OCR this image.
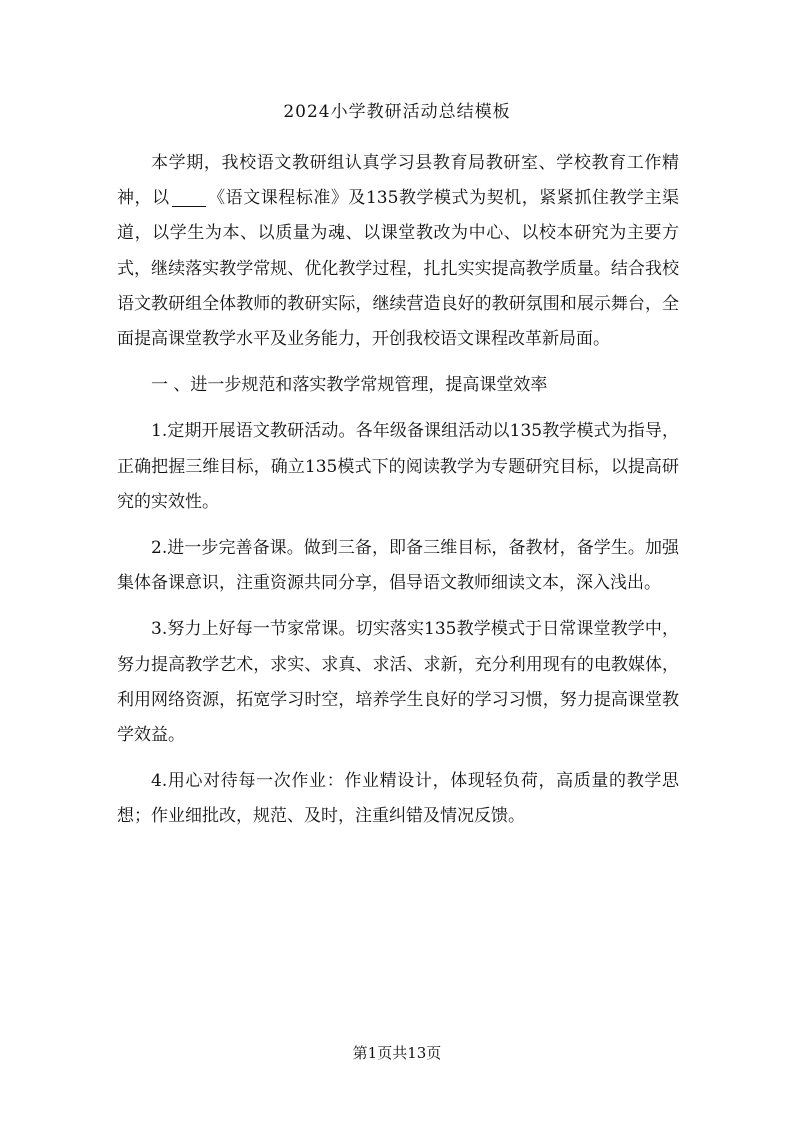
2024小学教研活动总结模板

本学期，我校语文教研组认真学习县教育局教研室、学校教育工作精神，以 《语文课程标准》及135教学模式为契机，紧紧抓住教学主渠道，以学生为本、以质量为魂、以课堂教改为中心、以校本研究为主要方式，继续落实教学常规、优化教学过程，扎扎实实提高教学质量。结合我校语文教研组全体教师的教研实际，继续营造良好的教研氛围和展示舞台，全面提高课堂教学水平及业务能力，开创我校语文课程改革新局面。

一 、进一步规范和落实教学常规管理，提高课堂效率

1.定期开展语文教研活动。各年级备课组活动以135教学模式为指导，正确把握三维目标，确立135模式下的阅读教学为专题研究目标，以提高研究的实效性。

2.进一步完善备课。做到三备，即备三维目标，备教材，备学生。加强集体备课意识，注重资源共同分享，倡导语文教师细读文本，深入浅出。

3.努力上好每一节家常课。切实落实135教学模式于日常课堂教学中，努力提高教学艺术，求实、求真、求活、求新，充分利用现有的电教媒体，利用网络资源，拓宽学习时空，培养学生良好的学习习惯，努力提高课堂教学效益。

4.用心对待每一次作业：作业精设计，体现轻负荷，高质量的教学思想；作业细批改，规范、及时，注重纠错及情况反馈。

第1页共13页
